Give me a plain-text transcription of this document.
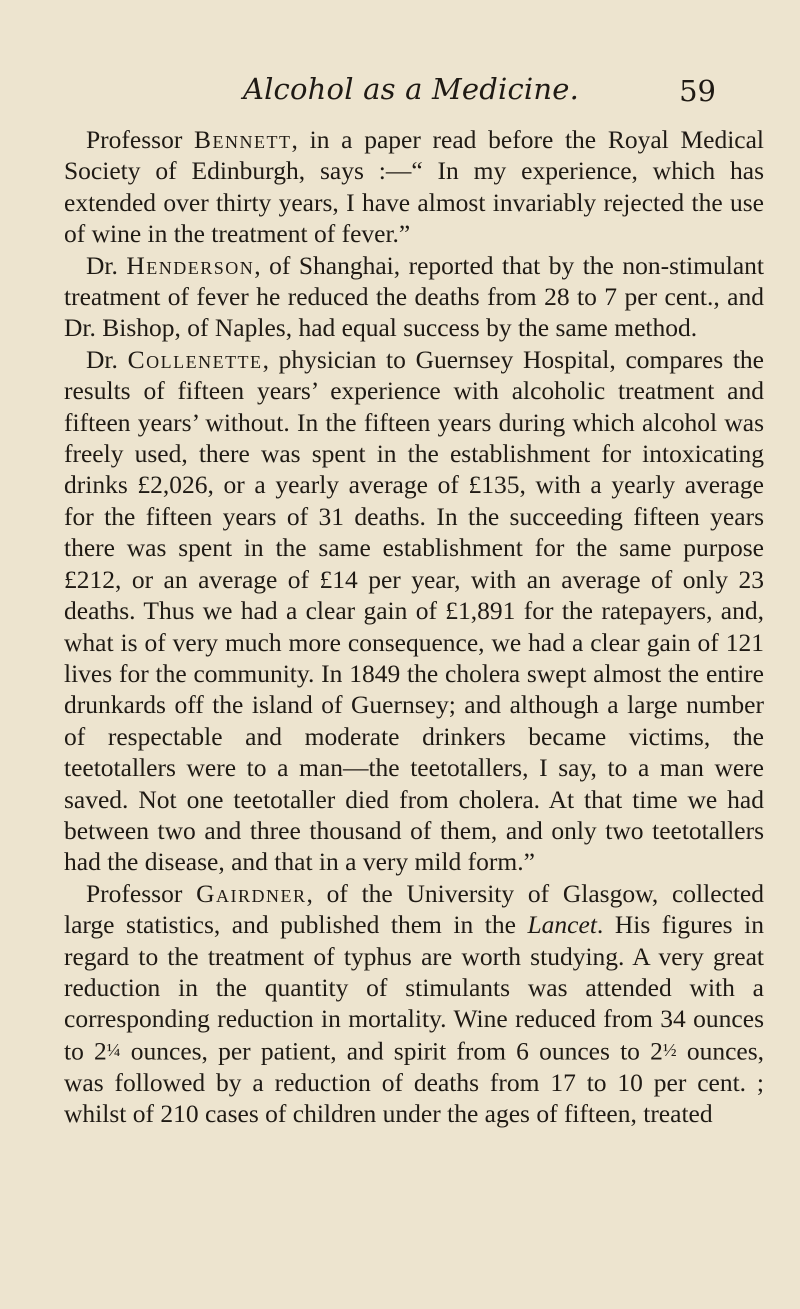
Alcohol as a Medicine.	59

Professor Bennett, in a paper read before the Royal Medical Society of Edinburgh, says :—“ In my experience, which has extended over thirty years, I have almost invariably rejected the use of wine in the treatment of fever.”

Dr. Henderson, of Shanghai, reported that by the non-stimulant treatment of fever he reduced the deaths from 28 to 7 per cent., and Dr. Bishop, of Naples, had equal success by the same method.

Dr. Collenette, physician to Guernsey Hospital, compares the results of fifteen years’ experience with alcoholic treatment and fifteen years’ without. In the fifteen years during which alcohol was freely used, there was spent in the establishment for intoxicating drinks £2,026, or a yearly average of £135, with a yearly average for the fifteen years of 31 deaths. In the succeeding fifteen years there was spent in the same establishment for the same purpose £212, or an average of £14 per year, with an average of only 23 deaths. Thus we had a clear gain of £1,891 for the ratepayers, and, what is of very much more consequence, we had a clear gain of 121 lives for the community. In 1849 the cholera swept almost the entire drunkards off the island of Guernsey; and although a large number of respectable and moderate drinkers became victims, the teetotallers were to a man—the teetotallers, I say, to a man were saved. Not one teetotaller died from cholera. At that time we had between two and three thousand of them, and only two teetotallers had the disease, and that in a very mild form.”

Professor Gairdner, of the University of Glasgow, collected large statistics, and published them in the Lancet. His figures in regard to the treatment of typhus are worth studying. A very great reduction in the quantity of stimulants was attended with a corresponding reduction in mortality. Wine reduced from 34 ounces to 2¼ ounces, per patient, and spirit from 6 ounces to 2½ ounces, was followed by a reduction of deaths from 17 to 10 per cent. ; whilst of 210 cases of children under the ages of fifteen, treated
